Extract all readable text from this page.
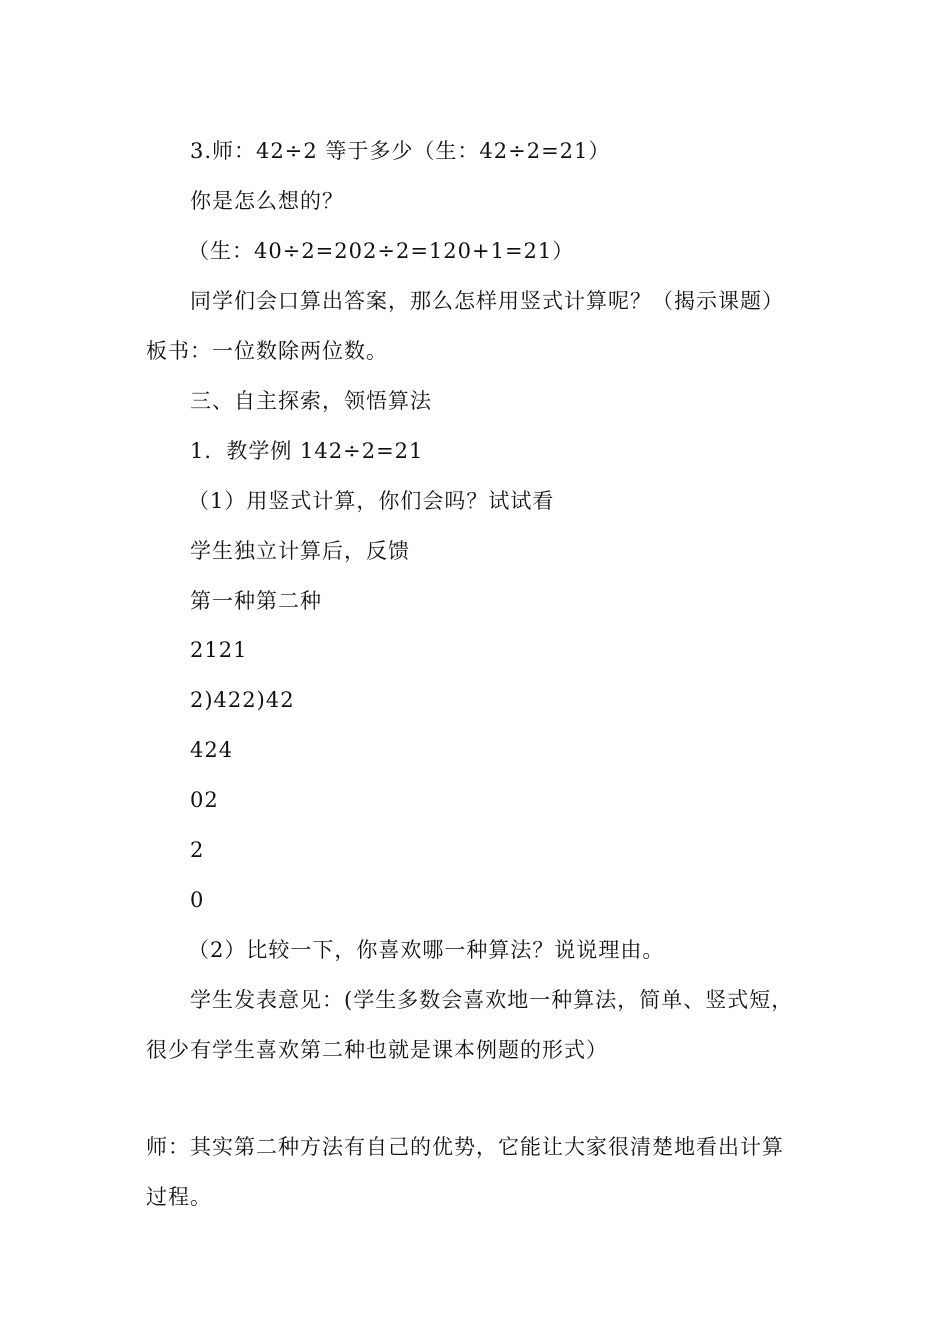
3.师：42÷2 等于多少（生：42÷2=21）
你是怎么想的？
（生：40÷2=202÷2=120+1=21）
同学们会口算出答案，那么怎样用竖式计算呢？（揭示课题）
板书：一位数除两位数。
三、自主探索，领悟算法
1．教学例 142÷2=21
（1）用竖式计算，你们会吗？试试看
学生独立计算后，反馈
第一种第二种
2121
2)422)42
424
02
2
0
（2）比较一下，你喜欢哪一种算法？说说理由。
学生发表意见：(学生多数会喜欢地一种算法，简单、竖式短，
很少有学生喜欢第二种也就是课本例题的形式）
师：其实第二种方法有自己的优势，它能让大家很清楚地看出计算
过程。
